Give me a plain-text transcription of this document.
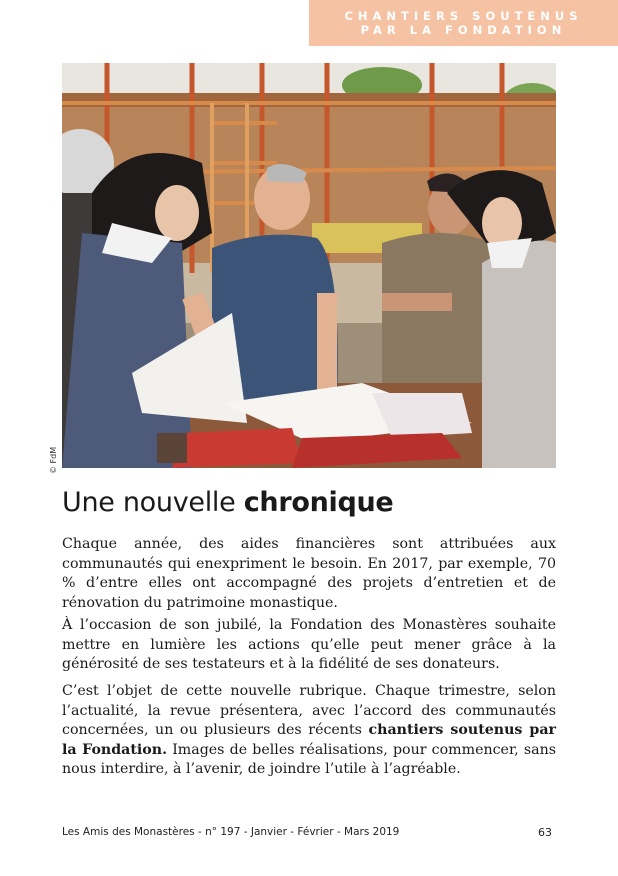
CHANTIERS SOUTENUS
PAR LA FONDATION
© FdM
Une nouvelle chronique

Chaque année, des aides financières sont attribuées aux communautés qui enexpriment le besoin. En 2017, par exemple, 70 % d’entre elles ont accompagné des projets d’entretien et de rénovation du patrimoine monastique.

À l’occasion de son jubilé, la Fondation des Monastères souhaite mettre en lumière les actions qu’elle peut mener grâce à la générosité de ses testateurs et à la fidélité de ses donateurs.

C’est l’objet de cette nouvelle rubrique. Chaque trimestre, selon l’actualité, la revue présentera, avec l’accord des communautés concernées, un ou plusieurs des récents chantiers soutenus par la Fondation. Images de belles réalisations, pour commencer, sans nous interdire, à l’avenir, de joindre l’utile à l’agréable.

Les Amis des Monastères - n° 197 - Janvier - Février - Mars 2019	63
